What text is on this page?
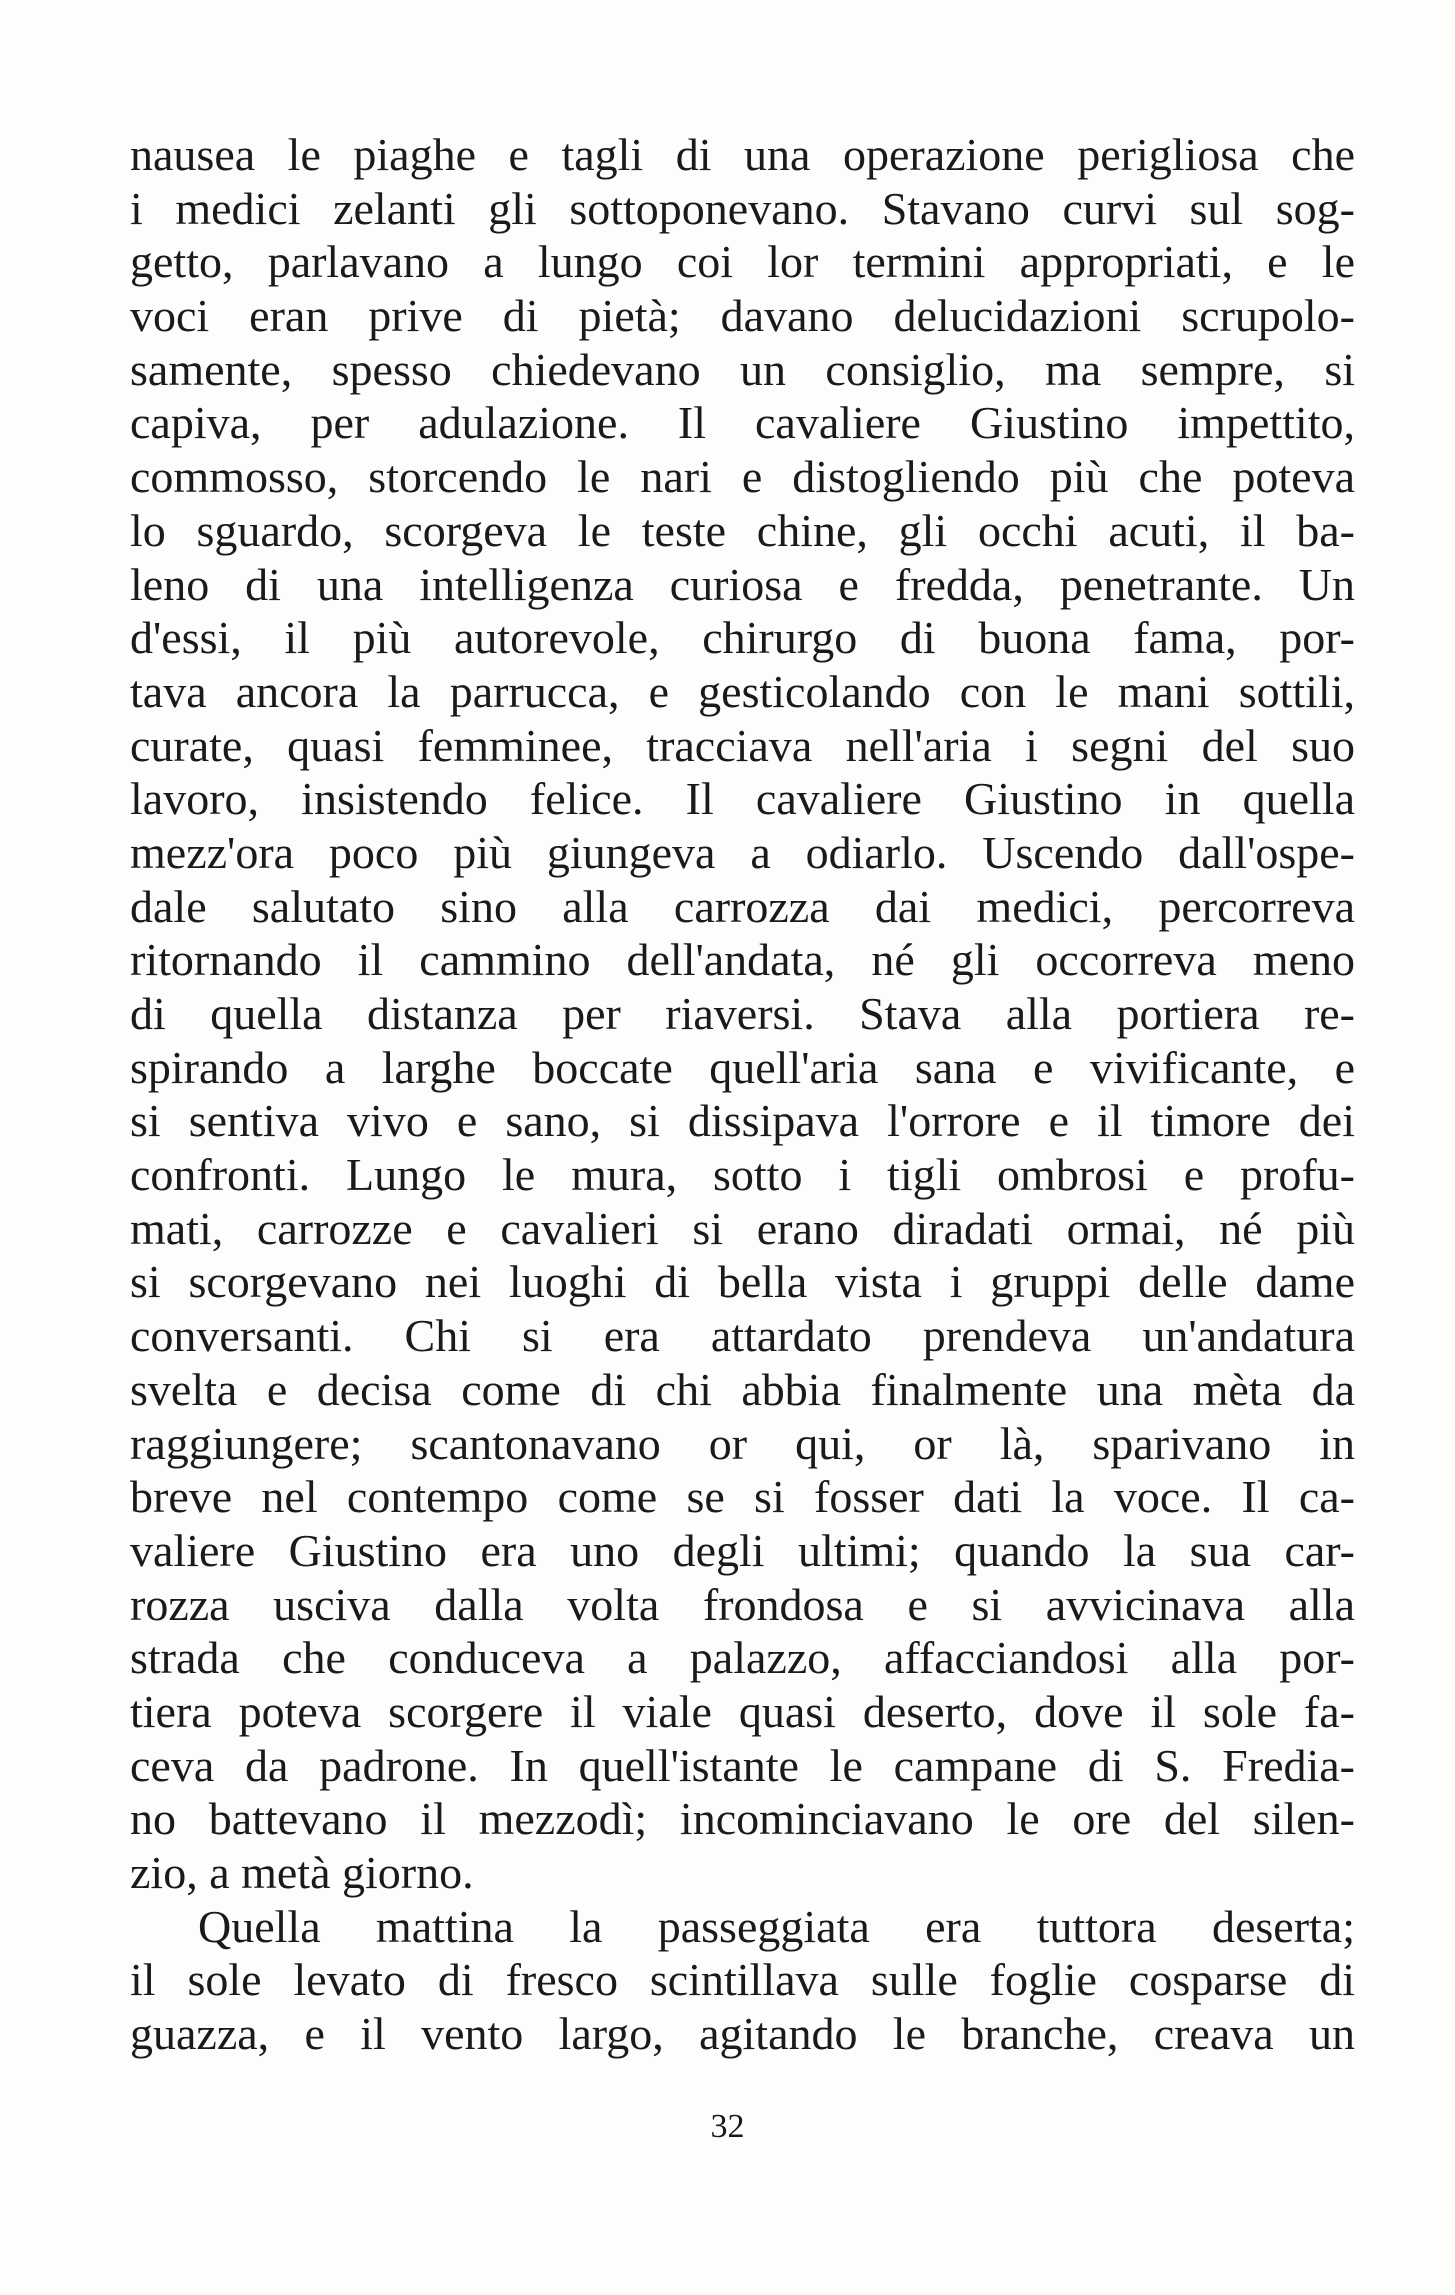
nausea le piaghe e tagli di una operazione perigliosa che
i medici zelanti gli sottoponevano. Stavano curvi sul sog-
getto, parlavano a lungo coi lor termini appropriati, e le
voci eran prive di pietà; davano delucidazioni scrupolo-
samente, spesso chiedevano un consiglio, ma sempre, si
capiva, per adulazione. Il cavaliere Giustino impettito,
commosso, storcendo le nari e distogliendo più che poteva
lo sguardo, scorgeva le teste chine, gli occhi acuti, il ba-
leno di una intelligenza curiosa e fredda, penetrante. Un
d'essi, il più autorevole, chirurgo di buona fama, por-
tava ancora la parrucca, e gesticolando con le mani sottili,
curate, quasi femminee, tracciava nell'aria i segni del suo
lavoro, insistendo felice. Il cavaliere Giustino in quella
mezz'ora poco più giungeva a odiarlo. Uscendo dall'ospe-
dale salutato sino alla carrozza dai medici, percorreva
ritornando il cammino dell'andata, né gli occorreva meno
di quella distanza per riaversi. Stava alla portiera re-
spirando a larghe boccate quell'aria sana e vivificante, e
si sentiva vivo e sano, si dissipava l'orrore e il timore dei
confronti. Lungo le mura, sotto i tigli ombrosi e profu-
mati, carrozze e cavalieri si erano diradati ormai, né più
si scorgevano nei luoghi di bella vista i gruppi delle dame
conversanti. Chi si era attardato prendeva un'andatura
svelta e decisa come di chi abbia finalmente una mèta da
raggiungere; scantonavano or qui, or là, sparivano in
breve nel contempo come se si fosser dati la voce. Il ca-
valiere Giustino era uno degli ultimi; quando la sua car-
rozza usciva dalla volta frondosa e si avvicinava alla
strada che conduceva a palazzo, affacciandosi alla por-
tiera poteva scorgere il viale quasi deserto, dove il sole fa-
ceva da padrone. In quell'istante le campane di S. Frediа-
no battevano il mezzodì; incominciavano le ore del silen-
zio, a metà giorno.
Quella mattina la passeggiata era tuttora deserta;
il sole levato di fresco scintillava sulle foglie cosparse di
guazza, e il vento largo, agitando le branche, creava un
32
